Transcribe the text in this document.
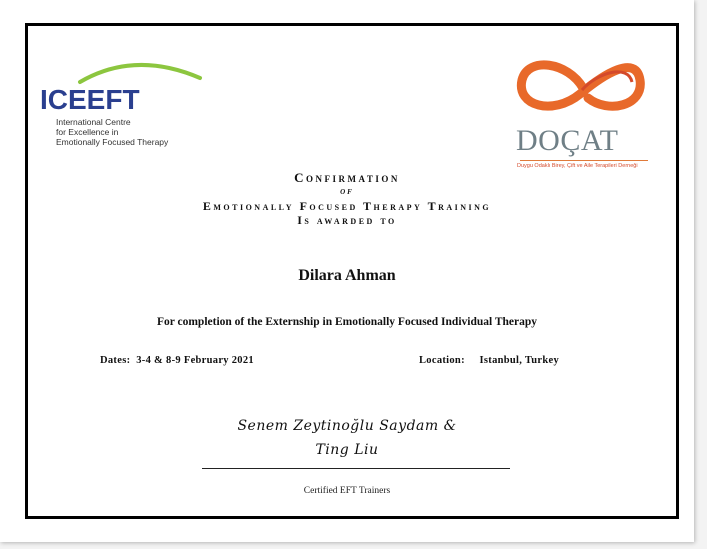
ICEEFT
International Centre
for Excellence in
Emotionally Focused Therapy	DOÇAT
Duygu Odaklı Birey, Çift ve Aile Terapileri Derneği
Confirmation
of
Emotionally Focused Therapy Training
Is awarded to
Dilara Ahman
For completion of the Externship in Emotionally Focused Individual Therapy
Dates: 3-4 & 8-9 February 2021	Location: Istanbul, Turkey
Senem Zeytinoğlu Saydam &
Ting Liu
Certified EFT Trainers
